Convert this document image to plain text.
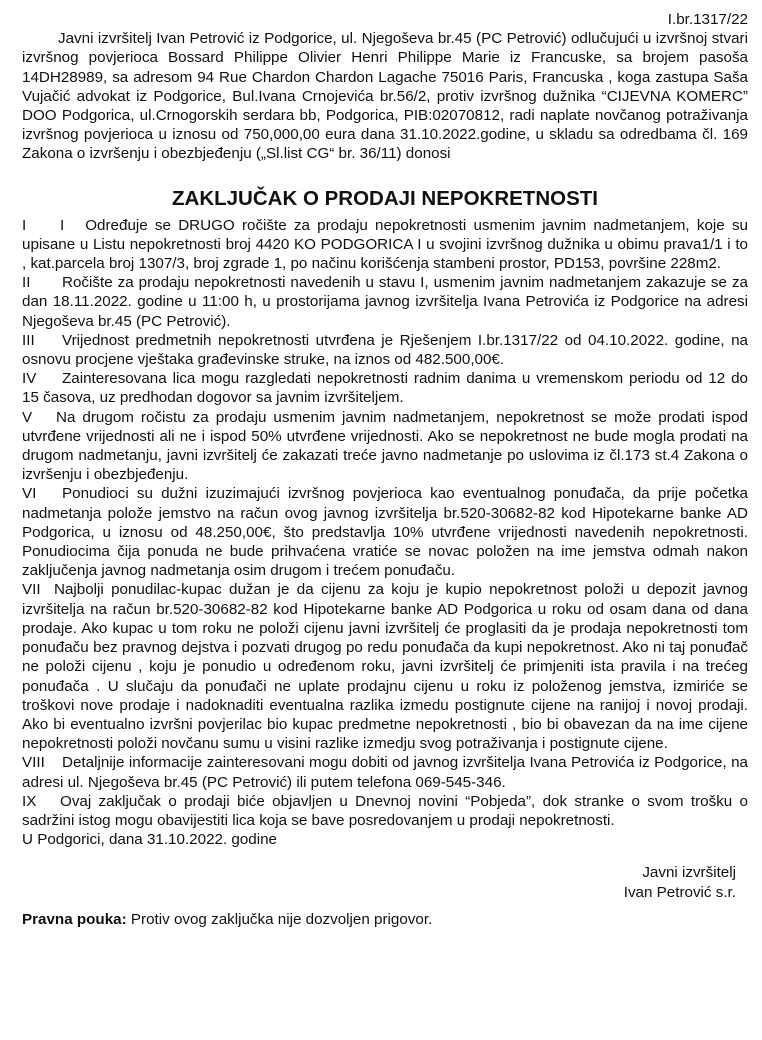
I.br.1317/22

Javni izvršitelj Ivan Petrović iz Podgorice, ul. Njegoševa br.45 (PC Petrović) odlučujući u izvršnoj stvari izvršnog povjerioca Bossard Philippe Olivier Henri Philippe Marie iz Francuske, sa brojem pasoša 14DH28989, sa adresom 94 Rue Chardon Chardon Lagache 75016 Paris, Francuska , koga zastupa Saša Vujačić advokat iz Podgorice, Bul.Ivana Crnojevića br.56/2, protiv izvršnog dužnika “CIJEVNA KOMERC” DOO Podgorica, ul.Crnogorskih serdara bb, Podgorica, PIB:02070812, radi naplate novčanog potraživanja izvršnog povjerioca u iznosu od 750,000,00 eura dana 31.10.2022.godine, u skladu sa odredbama čl. 169 Zakona o izvršenju i obezbjeđenju („Sl.list CG“ br. 36/11) donosi

ZAKLJUČAK O PRODAJI NEPOKRETNOSTI

I I Određuje se DRUGO ročište za prodaju nepokretnosti usmenim javnim nadmetanjem, koje su upisane u Listu nepokretnosti broj 4420 KO PODGORICA I u svojini izvršnog dužnika u obimu prava1/1 i to , kat.parcela broj 1307/3, broj zgrade 1, po načinu korišćenja stambeni prostor, PD153, površine 228m2.

II Ročište za prodaju nepokretnosti navedenih u stavu I, usmenim javnim nadmetanjem zakazuje se za dan 18.11.2022. godine u 11:00 h, u prostorijama javnog izvršitelja Ivana Petrovića iz Podgorice na adresi Njegoševa br.45 (PC Petrović).

III Vrijednost predmetnih nepokretnosti utvrđena je Rješenjem I.br.1317/22 od 04.10.2022. godine, na osnovu procjene vještaka građevinske struke, na iznos od 482.500,00€.

IV Zainteresovana lica mogu razgledati nepokretnosti radnim danima u vremenskom periodu od 12 do 15 časova, uz predhodan dogovor sa javnim izvršiteljem.

V Na drugom ročistu za prodaju usmenim javnim nadmetanjem, nepokretnost se može prodati ispod utvrđene vrijednosti ali ne i ispod 50% utvrđene vrijednosti. Ako se nepokretnost ne bude mogla prodati na drugom nadmetanju, javni izvršitelj će zakazati treće javno nadmetanje po uslovima iz čl.173 st.4 Zakona o izvršenju i obezbjeđenju.

VI Ponudioci su dužni izuzimajući izvršnog povjerioca kao eventualnog ponuđača, da prije početka nadmetanja polože jemstvo na račun ovog javnog izvršitelja br.520-30682-82 kod Hipotekarne banke AD Podgorica, u iznosu od 48.250,00€, što predstavlja 10% utvrđene vrijednosti navedenih nepokretnosti. Ponudiocima čija ponuda ne bude prihvaćena vratiće se novac položen na ime jemstva odmah nakon zaključenja javnog nadmetanja osim drugom i trećem ponuđaču.

VII Najbolji ponudilac-kupac dužan je da cijenu za koju je kupio nepokretnost položi u depozit javnog izvršitelja na račun br.520-30682-82 kod Hipotekarne banke AD Podgorica u roku od osam dana od dana prodaje. Ako kupac u tom roku ne položi cijenu javni izvršitelj će proglasiti da je prodaja nepokretnosti tom ponuđaču bez pravnog dejstva i pozvati drugog po redu ponuđača da kupi nepokretnost. Ako ni taj ponuđač ne položi cijenu , koju je ponudio u određenom roku, javni izvršitelj će primjeniti ista pravila i na trećeg ponuđača . U slučaju da ponuđači ne uplate prodajnu cijenu u roku iz položenog jemstva, izmiriće se troškovi nove prodaje i nadoknaditi eventualna razlika izmedu postignute cijene na ranijoj i novoj prodaji. Ako bi eventualno izvršni povjerilac bio kupac predmetne nepokretnosti , bio bi obavezan da na ime cijene nepokretnosti položi novčanu sumu u visini razlike izmedju svog potraživanja i postignute cijene.

VIII Detaljnije informacije zainteresovani mogu dobiti od javnog izvršitelja Ivana Petrovića iz Podgorice, na adresi ul. Njegoševa br.45 (PC Petrović) ili putem telefona 069-545-346.

IX Ovaj zaključak o prodaji biće objavljen u Dnevnoj novini “Pobjeda”, dok stranke o svom trošku o sadržini istog mogu obavijestiti lica koja se bave posredovanjem u prodaji nepokretnosti.

U Podgorici, dana 31.10.2022. godine

Javni izvršitelj
Ivan Petrović s.r.

Pravna pouka: Protiv ovog zaključka nije dozvoljen prigovor.
